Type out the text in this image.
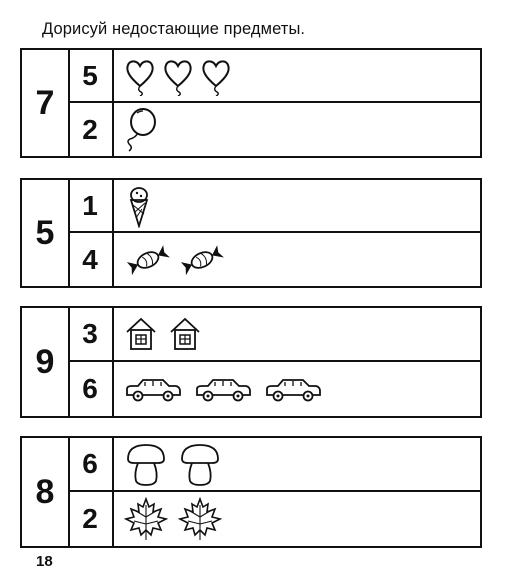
Дорисуй недостающие предметы.
7
5
2
5
1
4
9
3
6
8
6
2
18
